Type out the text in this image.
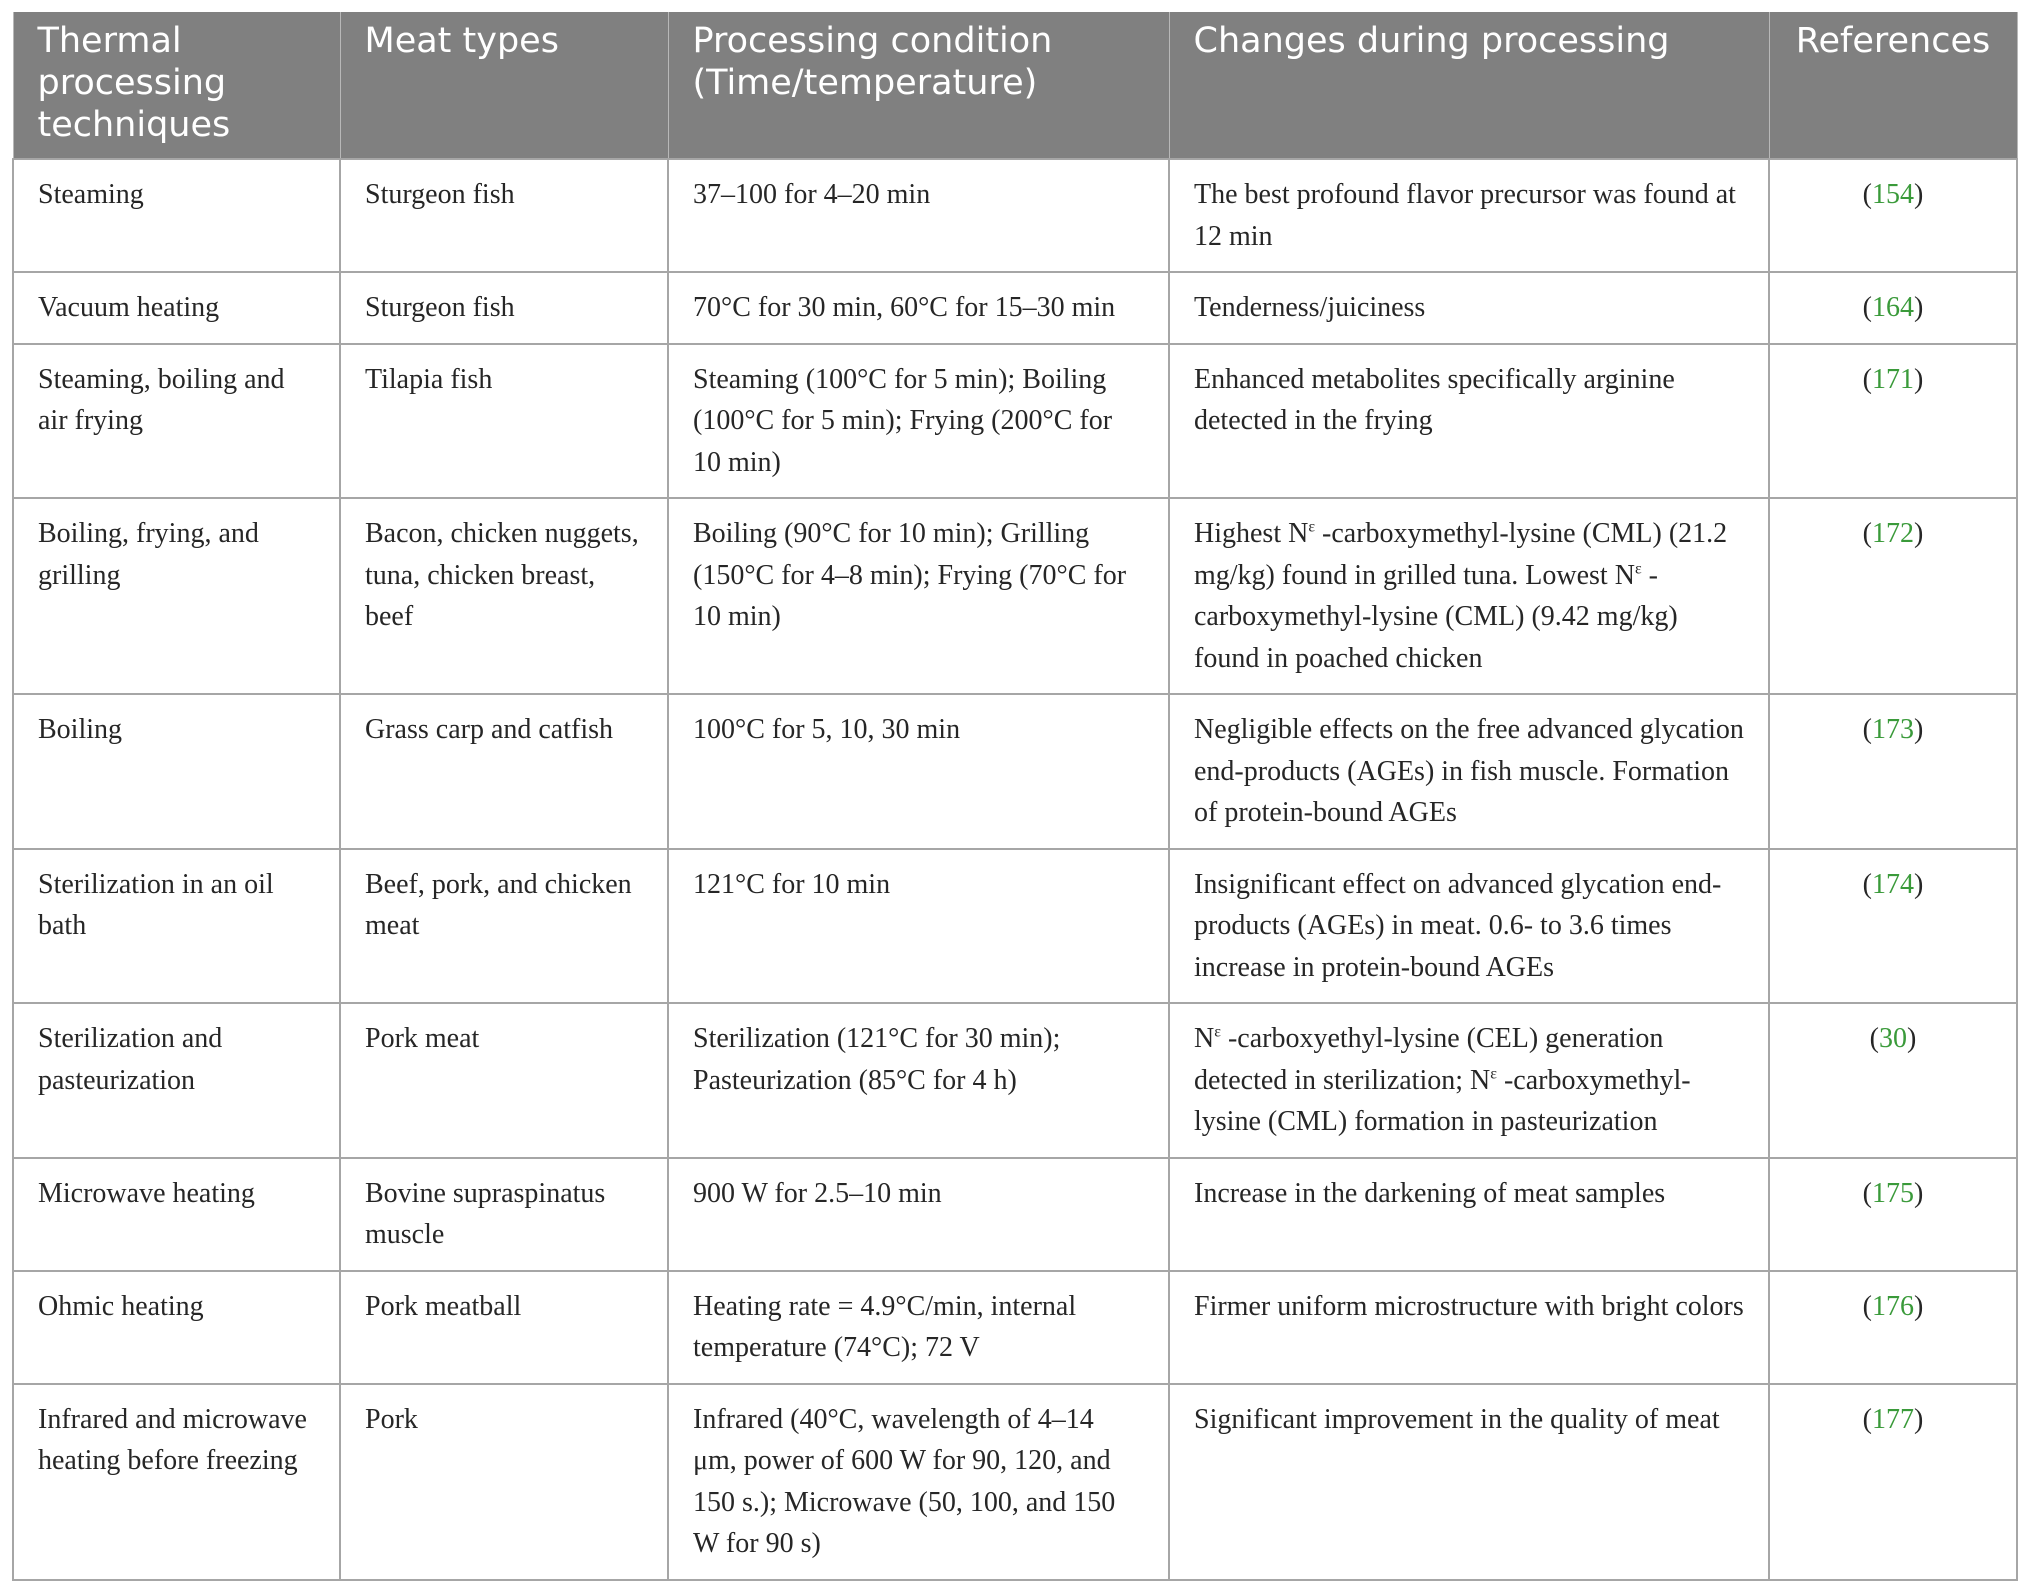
Thermal processing techniques	Meat types	Processing condition (Time/temperature)	Changes during processing	References
Steaming	Sturgeon fish	37–100 for 4–20 min	The best profound flavor precursor was found at 12 min	(154)
Vacuum heating	Sturgeon fish	70°C for 30 min, 60°C for 15–30 min	Tenderness/juiciness	(164)
Steaming, boiling and air frying	Tilapia fish	Steaming (100°C for 5 min); Boiling (100°C for 5 min); Frying (200°C for 10 min)	Enhanced metabolites specifically arginine detected in the frying	(171)
Boiling, frying, and grilling	Bacon, chicken nuggets, tuna, chicken breast, beef	Boiling (90°C for 10 min); Grilling (150°C for 4–8 min); Frying (70°C for 10 min)	Highest $N^\varepsilon$ -carboxymethyl-lysine (CML) (21.2 mg/kg) found in grilled tuna. Lowest $N^\varepsilon$ -carboxymethyl-lysine (CML) (9.42 mg/kg) found in poached chicken	(172)
Boiling	Grass carp and catfish	100°C for 5, 10, 30 min	Negligible effects on the free advanced glycation end-products (AGEs) in fish muscle. Formation of protein-bound AGEs	(173)
Sterilization in an oil bath	Beef, pork, and chicken meat	121°C for 10 min	Insignificant effect on advanced glycation end-products (AGEs) in meat. 0.6- to 3.6 times increase in protein-bound AGEs	(174)
Sterilization and pasteurization	Pork meat	Sterilization (121°C for 30 min); Pasteurization (85°C for 4 h)	$N^\varepsilon$ -carboxyethyl-lysine (CEL) generation detected in sterilization; $N^\varepsilon$ -carboxymethyl-lysine (CML) formation in pasteurization	(30)
Microwave heating	Bovine supraspinatus muscle	900 W for 2.5–10 min	Increase in the darkening of meat samples	(175)
Ohmic heating	Pork meatball	Heating rate = 4.9°C/min, internal temperature (74°C); 72 V	Firmer uniform microstructure with bright colors	(176)
Infrared and microwave heating before freezing	Pork	Infrared (40°C, wavelength of 4–14 μm, power of 600 W for 90, 120, and 150 s.); Microwave (50, 100, and 150 W for 90 s)	Significant improvement in the quality of meat	(177)
